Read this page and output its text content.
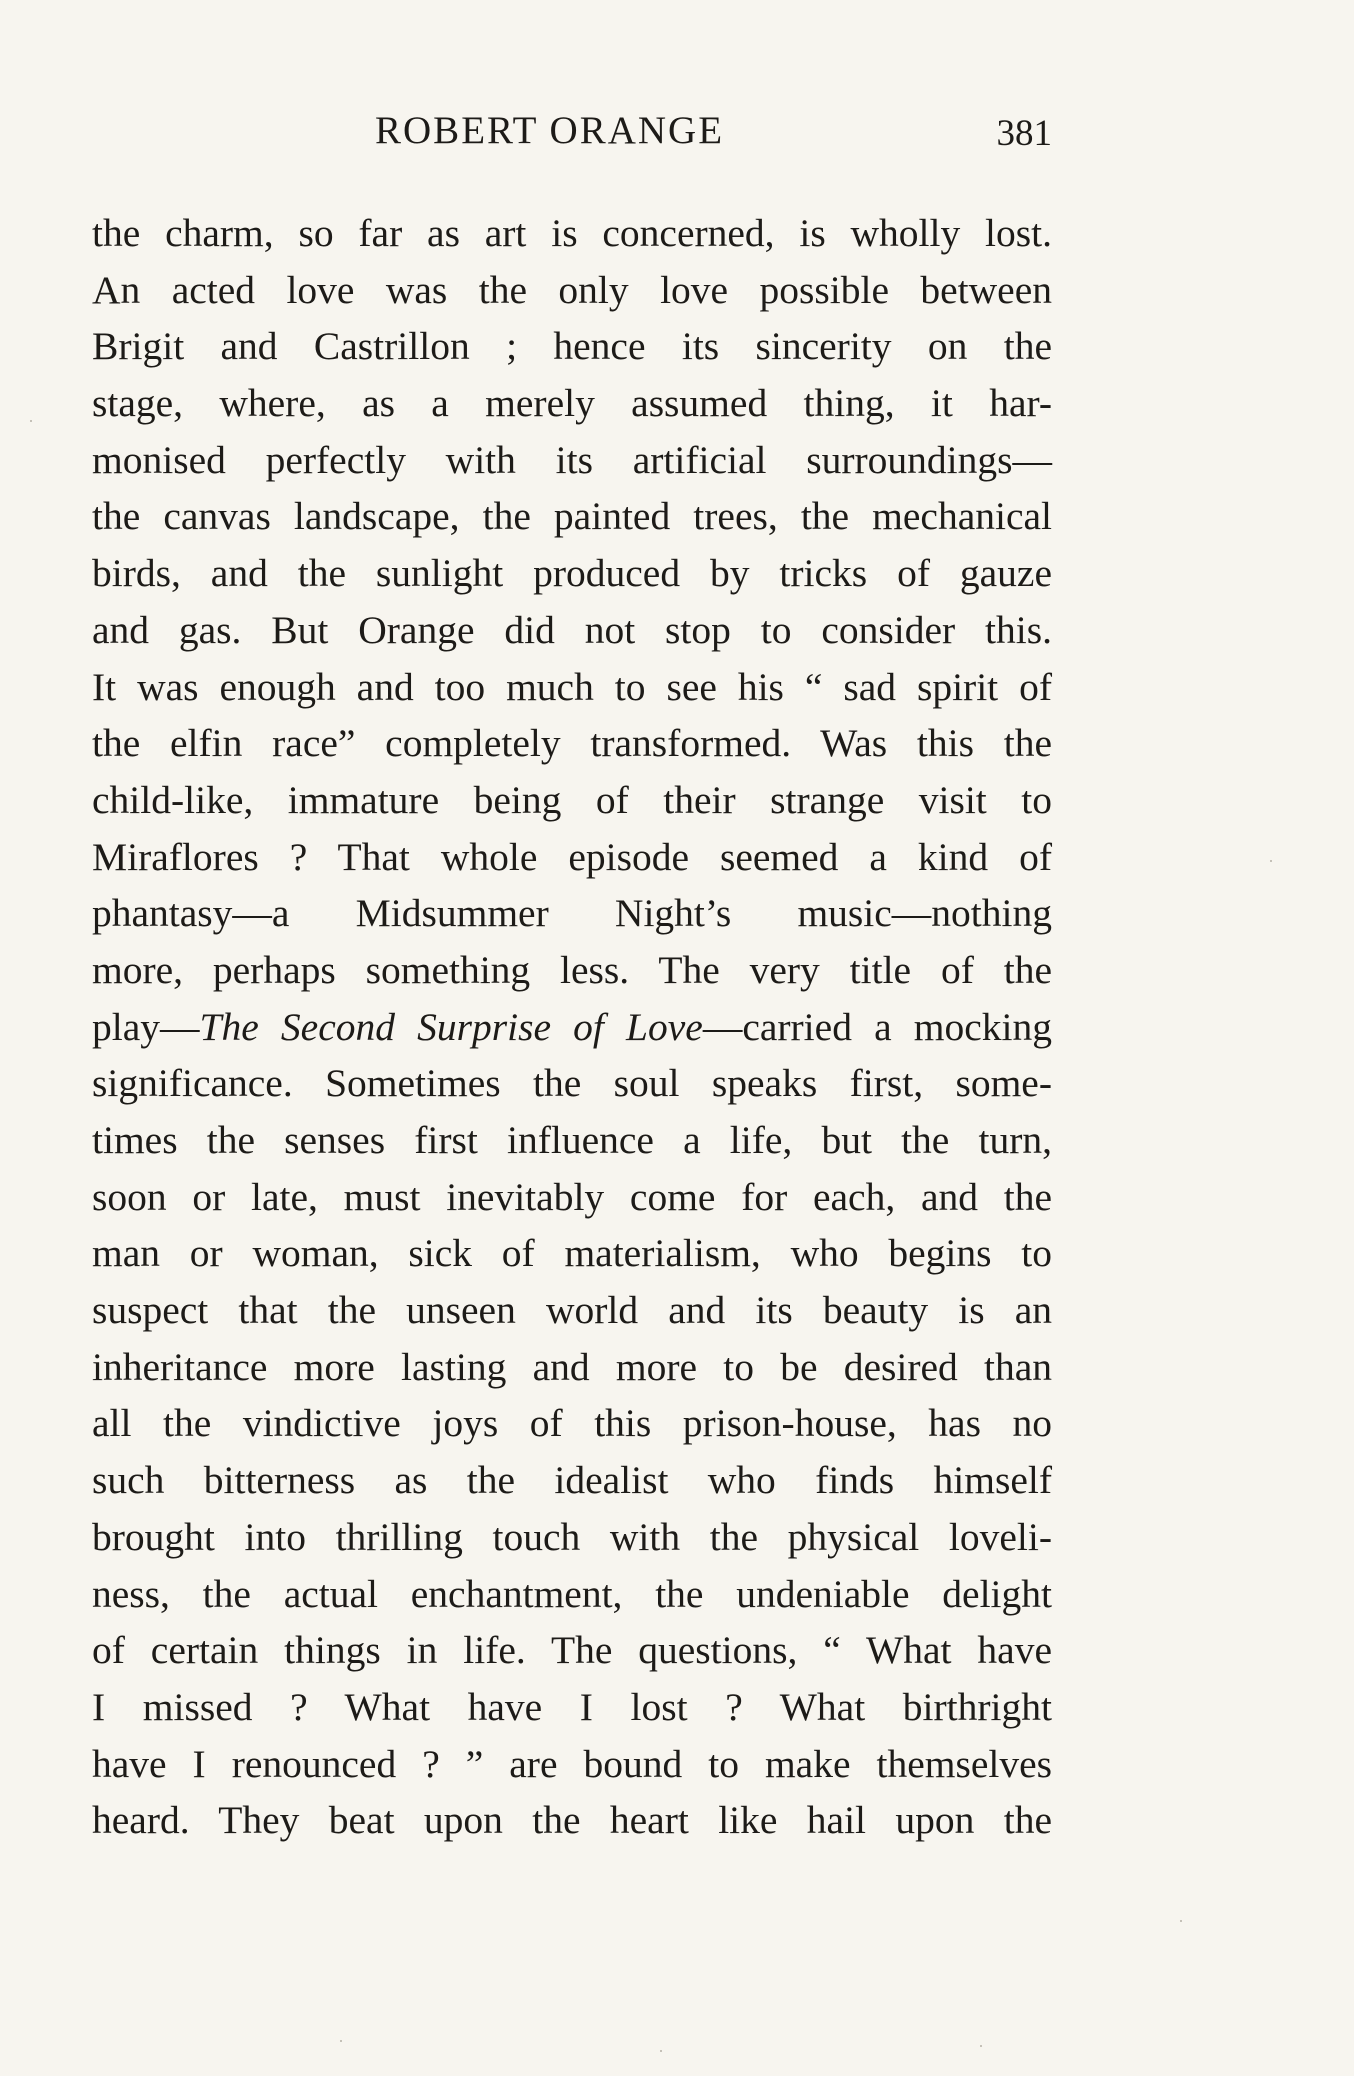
ROBERT ORANGE	381
the charm, so far as art is concerned, is wholly lost.
An acted love was the only love possible between
Brigit and Castrillon ; hence its sincerity on the
stage, where, as a merely assumed thing, it har-
monised perfectly with its artificial surroundings—
the canvas landscape, the painted trees, the mechanical
birds, and the sunlight produced by tricks of gauze
and gas. But Orange did not stop to consider this.
It was enough and too much to see his “ sad spirit of
the elfin race” completely transformed. Was this the
child-like, immature being of their strange visit to
Miraflores ? That whole episode seemed a kind of
phantasy—a Midsummer Night’s music—nothing
more, perhaps something less. The very title of the
play—The Second Surprise of Love—carried a mocking
significance. Sometimes the soul speaks first, some-
times the senses first influence a life, but the turn,
soon or late, must inevitably come for each, and the
man or woman, sick of materialism, who begins to
suspect that the unseen world and its beauty is an
inheritance more lasting and more to be desired than
all the vindictive joys of this prison-house, has no
such bitterness as the idealist who finds himself
brought into thrilling touch with the physical loveli-
ness, the actual enchantment, the undeniable delight
of certain things in life. The questions, “ What have
I missed ? What have I lost ? What birthright
have I renounced ? ” are bound to make themselves
heard. They beat upon the heart like hail upon the
